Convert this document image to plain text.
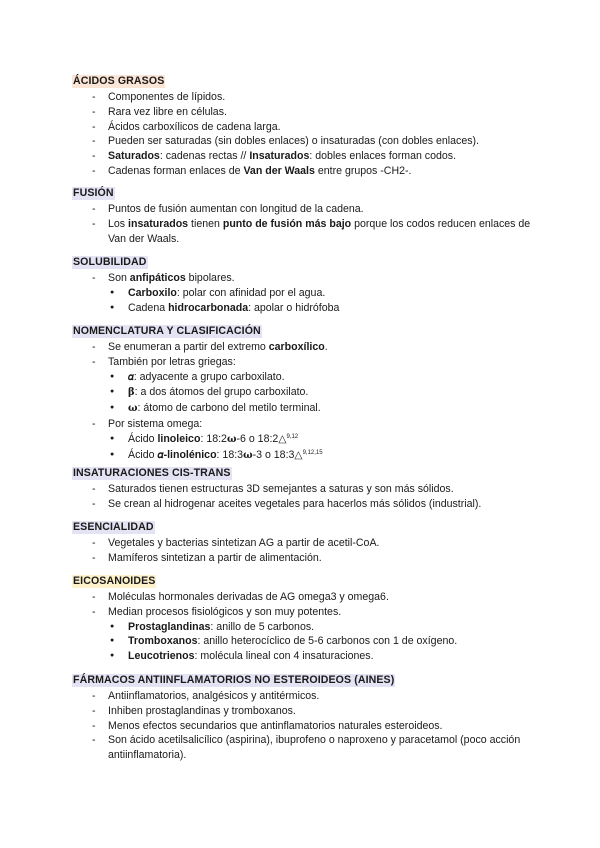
ÁCIDOS GRASOS
- Componentes de lípidos.
- Rara vez libre en células.
- Ácidos carboxílicos de cadena larga.
- Pueden ser saturadas (sin dobles enlaces) o insaturadas (con dobles enlaces).
- Saturados: cadenas rectas // Insaturados: dobles enlaces forman codos.
- Cadenas forman enlaces de Van der Waals entre grupos -CH2-.
FUSIÓN
- Puntos de fusión aumentan con longitud de la cadena.
- Los insaturados tienen punto de fusión más bajo porque los codos reducen enlaces de Van der Waals.
SOLUBILIDAD
- Son anfipáticos bipolares.
● Carboxilo: polar con afinidad por el agua.
● Cadena hidrocarbonada: apolar o hidrófoba
NOMENCLATURA Y CLASIFICACIÓN
- Se enumeran a partir del extremo carboxílico.
- También por letras griegas:
● 𝛼: adyacente a grupo carboxilato.
● β: a dos átomos del grupo carboxilato.
● ω: átomo de carbono del metilo terminal.
- Por sistema omega:
● Ácido linoleico: 18:2ω-6 o 18:2△$^{9,12}$
● Ácido 𝛼-linolénico: 18:3ω-3 o 18:3△$^{9,12,15}$
INSATURACIONES CIS-TRANS
- Saturados tienen estructuras 3D semejantes a saturas y son más sólidos.
- Se crean al hidrogenar aceites vegetales para hacerlos más sólidos (industrial).
ESENCIALIDAD
- Vegetales y bacterias sintetizan AG a partir de acetil-CoA.
- Mamíferos sintetizan a partir de alimentación.
EICOSANOIDES
- Moléculas hormonales derivadas de AG omega3 y omega6.
- Median procesos fisiológicos y son muy potentes.
● Prostaglandinas: anillo de 5 carbonos.
● Tromboxanos: anillo heterocíclico de 5-6 carbonos con 1 de oxígeno.
● Leucotrienos: molécula lineal con 4 insaturaciones.
FÁRMACOS ANTIINFLAMATORIOS NO ESTEROIDEOS (AINES)
- Antiinflamatorios, analgésicos y antitérmicos.
- Inhiben prostaglandinas y tromboxanos.
- Menos efectos secundarios que antinflamatorios naturales esteroideos.
- Son ácido acetilsalicílico (aspirina), ibuprofeno o naproxeno y paracetamol (poco acción antiinflamatoria).
